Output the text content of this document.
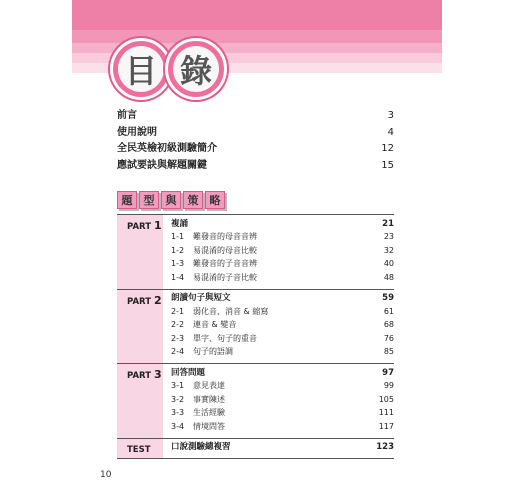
目 錄
前言	3
使用說明	4
全民英檢初級測驗簡介	12
應試要訣與解題關鍵	15
題	型	與	策	略
PART 1 複誦	21
1-1 難發音的母音音辨	23
1-2 易混淆的母音比較	32
1-3 難發音的子音音辨	40
1-4 易混淆的子音比較	48
PART 2 朗讀句子與短文	59
2-1 弱化音、消音 & 縮寫	61
2-2 連音 & 變音	68
2-3 單字、句子的重音	76
2-4 句子的語調	85
PART 3 回答問題	97
3-1 意見表達	99
3-2 事實陳述	105
3-3 生活經驗	111
3-4 情境問答	117
TEST	口說測驗總複習	123
10
